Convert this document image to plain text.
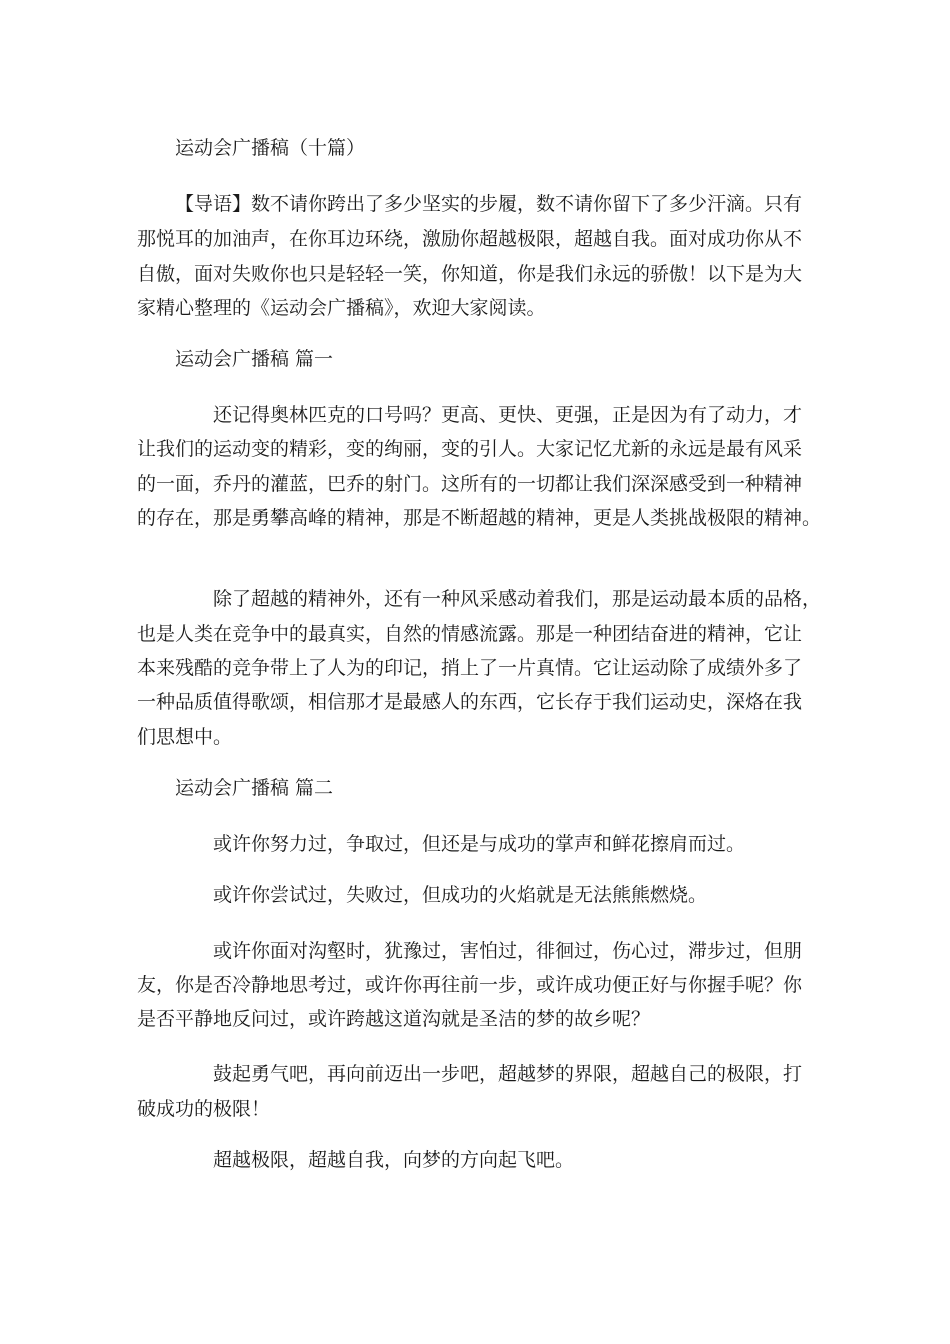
运动会广播稿（十篇）
【导语】数不请你跨出了多少坚实的步履，数不请你留下了多少汗滴。只有
那悦耳的加油声，在你耳边环绕，激励你超越极限，超越自我。面对成功你从不
自傲，面对失败你也只是轻轻一笑，你知道，你是我们永远的骄傲！以下是为大
家精心整理的《运动会广播稿》，欢迎大家阅读。
运动会广播稿 篇一
还记得奥林匹克的口号吗？更高、更快、更强，正是因为有了动力，才
让我们的运动变的精彩，变的绚丽，变的引人。大家记忆尤新的永远是最有风采
的一面，乔丹的灌蓝，巴乔的射门。这所有的一切都让我们深深感受到一种精神
的存在，那是勇攀高峰的精神，那是不断超越的精神，更是人类挑战极限的精神。
除了超越的精神外，还有一种风采感动着我们，那是运动最本质的品格，
也是人类在竞争中的最真实，自然的情感流露。那是一种团结奋进的精神，它让
本来残酷的竞争带上了人为的印记，捎上了一片真情。它让运动除了成绩外多了
一种品质值得歌颂，相信那才是最感人的东西，它长存于我们运动史，深烙在我
们思想中。
运动会广播稿 篇二
或许你努力过，争取过，但还是与成功的掌声和鲜花擦肩而过。
或许你尝试过，失败过，但成功的火焰就是无法熊熊燃烧。
或许你面对沟壑时，犹豫过，害怕过，徘徊过，伤心过，滞步过，但朋
友，你是否冷静地思考过，或许你再往前一步，或许成功便正好与你握手呢？你
是否平静地反问过，或许跨越这道沟就是圣洁的梦的故乡呢？
鼓起勇气吧，再向前迈出一步吧，超越梦的界限，超越自己的极限，打
破成功的极限！
超越极限，超越自我，向梦的方向起飞吧。
